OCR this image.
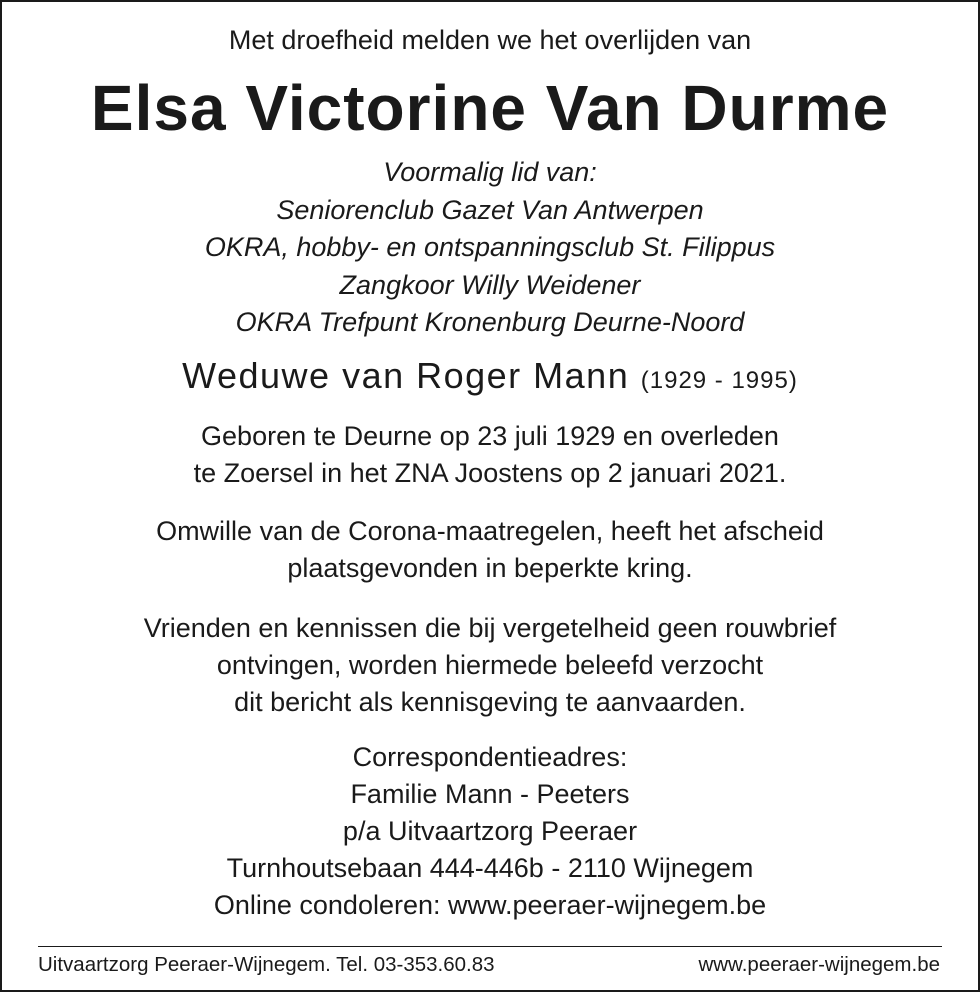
Met droefheid melden we het overlijden van
Elsa Victorine Van Durme
Voormalig lid van:
Seniorenclub Gazet Van Antwerpen
OKRA, hobby- en ontspanningsclub St. Filippus
Zangkoor Willy Weidener
OKRA Trefpunt Kronenburg Deurne-Noord
Weduwe van Roger Mann (1929 - 1995)
Geboren te Deurne op 23 juli 1929 en overleden
te Zoersel in het ZNA Joostens op 2 januari 2021.
Omwille van de Corona-maatregelen, heeft het afscheid
plaatsgevonden in beperkte kring.
Vrienden en kennissen die bij vergetelheid geen rouwbrief
ontvingen, worden hiermede beleefd verzocht
dit bericht als kennisgeving te aanvaarden.
Correspondentieadres:
Familie Mann - Peeters
p/a Uitvaartzorg Peeraer
Turnhoutsebaan 444-446b - 2110 Wijnegem
Online condoleren: www.peeraer-wijnegem.be
Uitvaartzorg Peeraer-Wijnegem. Tel. 03-353.60.83	www.peeraer-wijnegem.be
